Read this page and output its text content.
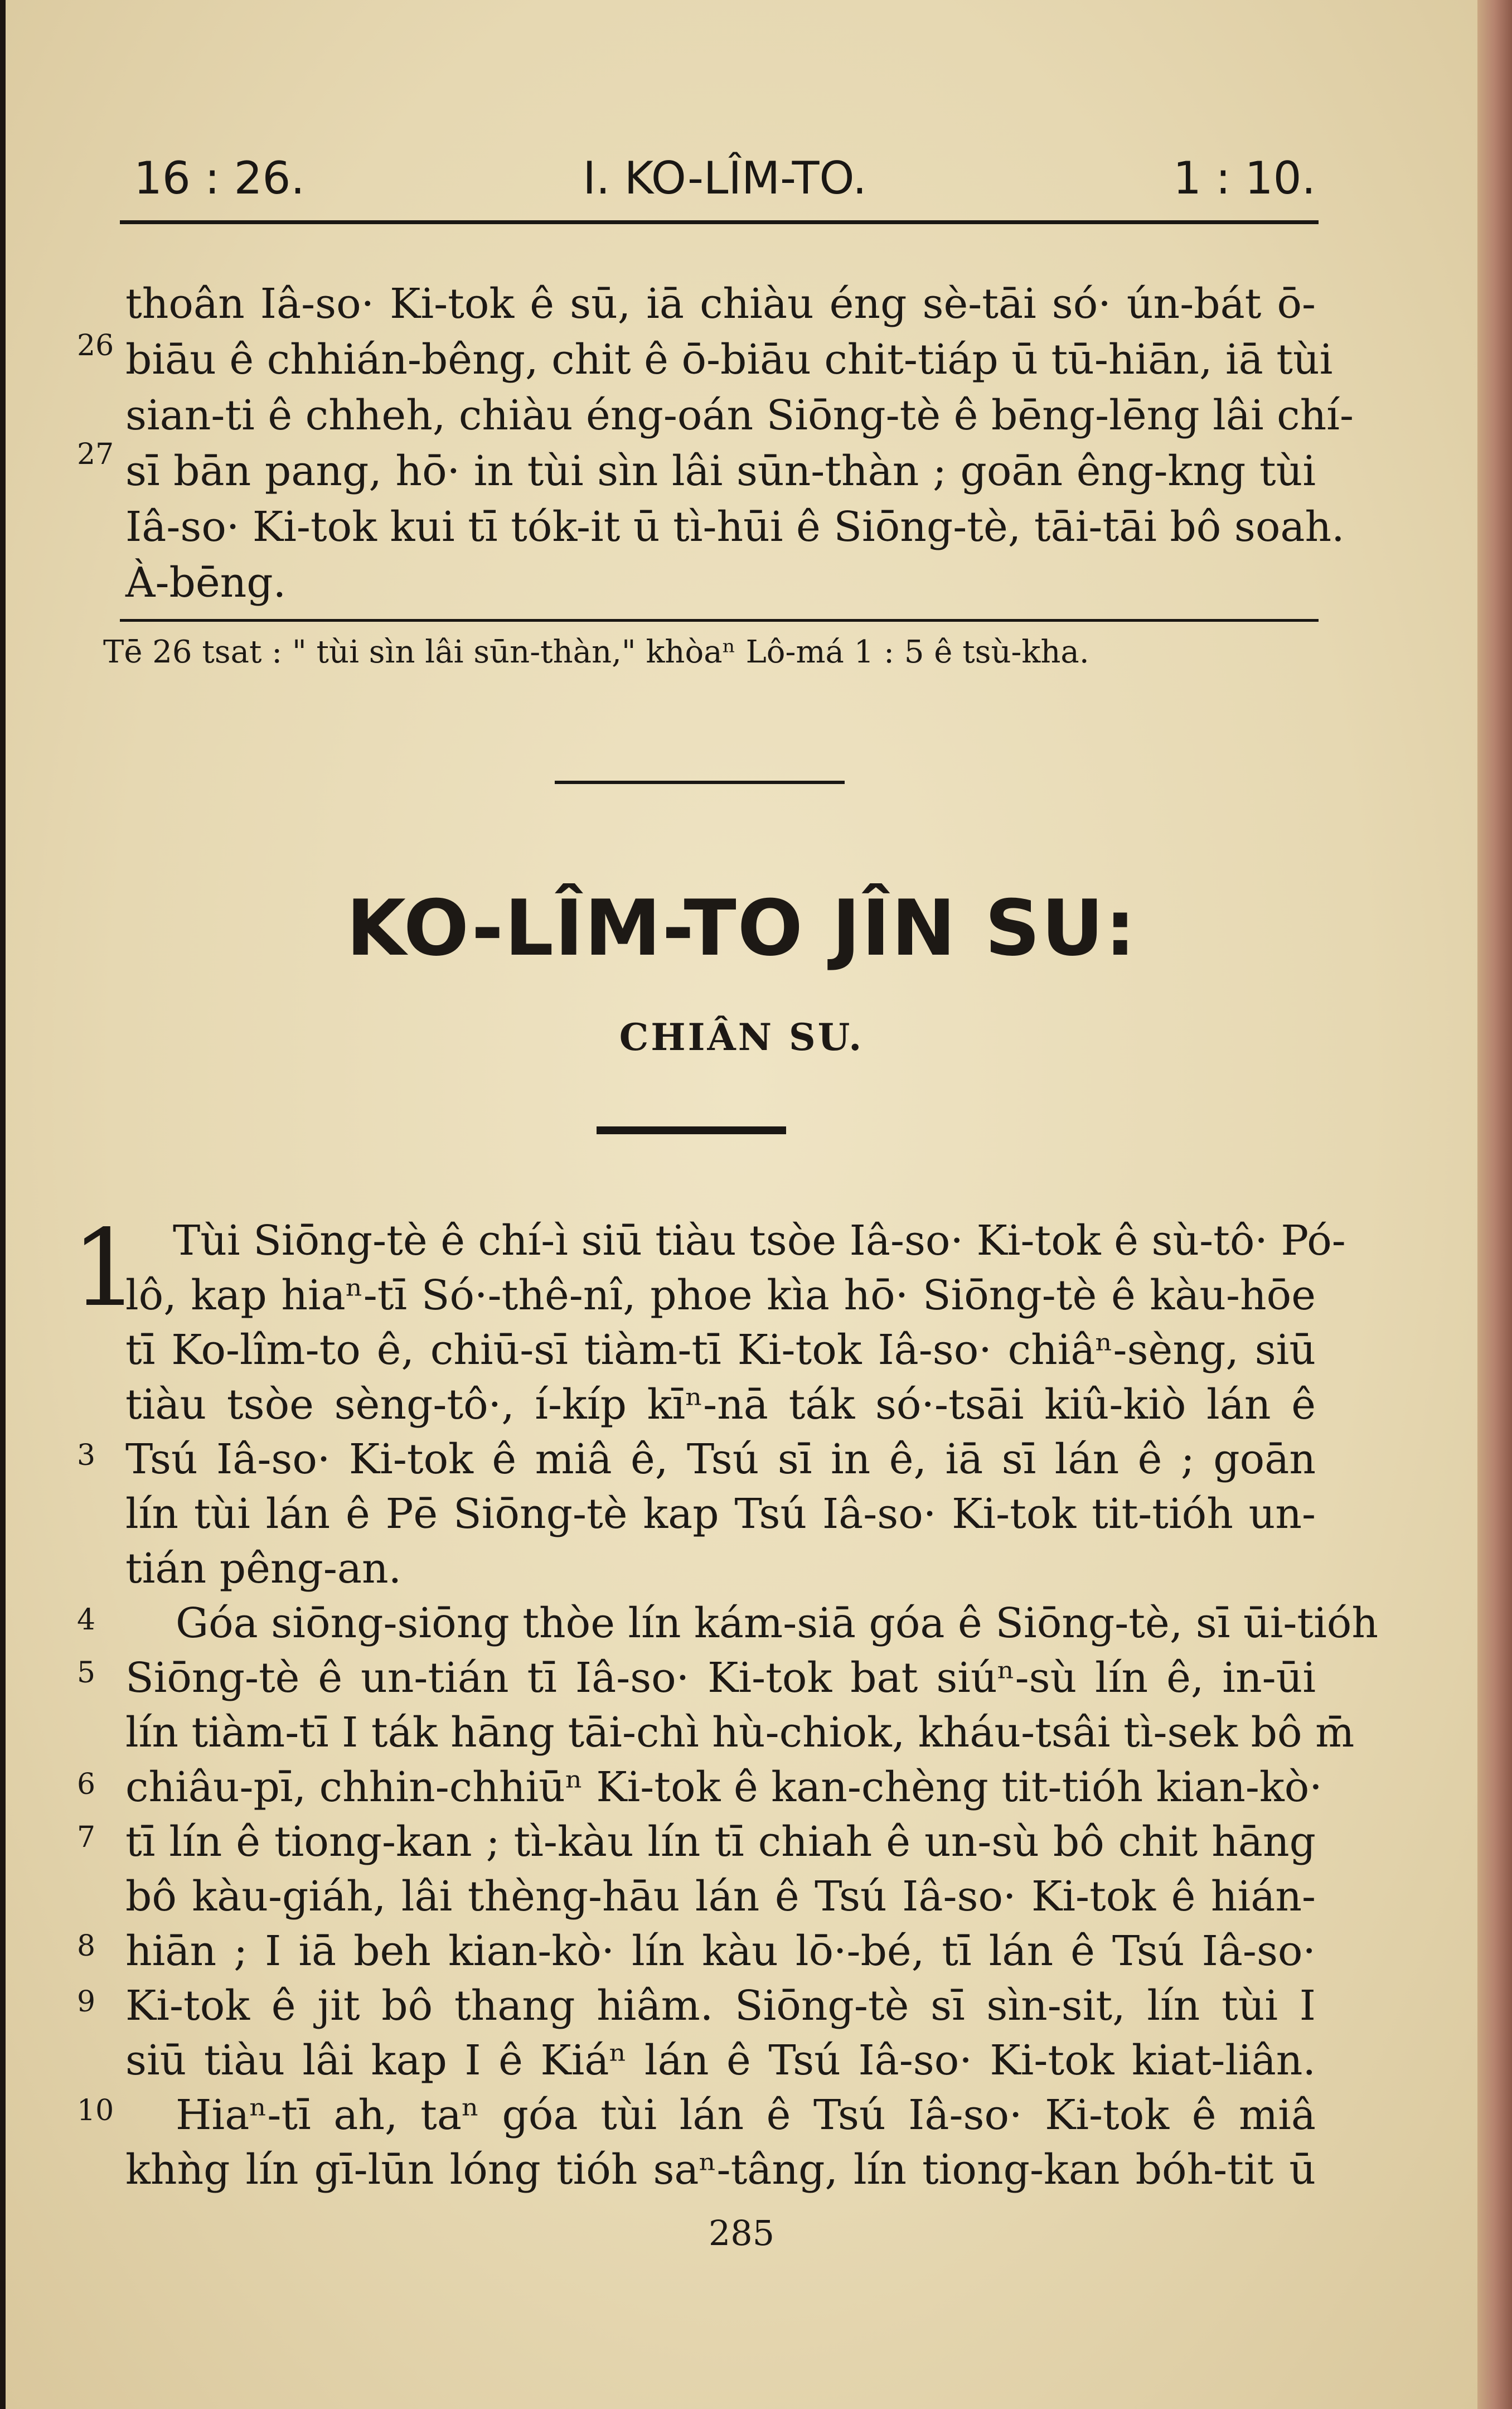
I. KO-LÎM-TO.
16 : 26.	1 : 10.
thoân Iâ-so· Ki-tok ê sū, iā chiàu éng sè-tāi só· ún-bát ō-
biāu ê chhián-bêng, chit ê ō-biāu chit-tiáp ū tū-hiān, iā tùi
sian-ti ê chheh, chiàu éng-oán Siōng-tè ê bēng-lēng lâi chí-
sī bān pang, hō· in tùi sìn lâi sūn-thàn ; goān êng-kng tùi
Iâ-so· Ki-tok kui tī tók-it ū tì-hūi ê Siōng-tè, tāi-tāi bô soah.
À-bēng.
26
27
Tē 26 tsat : " tùi sìn lâi sūn-thàn," khòaⁿ Lô-má 1 : 5 ê tsù-kha.
KO-LÎM-TO JÎN SU:
CHIÂN SU.
1 Tùi Siōng-tè ê chí-ì siū tiàu tsòe Iâ-so· Ki-tok ê sù-tô· Pó-
lô, kap hiaⁿ-tī Só·-thê-nî, phoe kìa hō· Siōng-tè ê kàu-hōe
tī Ko-lîm-to ê, chiū-sī tiàm-tī Ki-tok Iâ-so· chiâⁿ-sèng, siū
tiàu tsòe sèng-tô·, í-kíp kīⁿ-nā ták só·-tsāi kiû-kiò lán ê
Tsú Iâ-so· Ki-tok ê miâ ê, Tsú sī in ê, iā sī lán ê ; goān
lín tùi lán ê Pē Siōng-tè kap Tsú Iâ-so· Ki-tok tit-tióh un-
tián pêng-an.
Góa siōng-siōng thòe lín kám-siā góa ê Siōng-tè, sī ūi-tióh
Siōng-tè ê un-tián tī Iâ-so· Ki-tok bat siúⁿ-sù lín ê, in-ūi
lín tiàm-tī I ták hāng tāi-chì hù-chiok, kháu-tsâi tì-sek bô m̄
chiâu-pī, chhin-chhiūⁿ Ki-tok ê kan-chèng tit-tióh kian-kò·
tī lín ê tiong-kan ; tì-kàu lín tī chiah ê un-sù bô chit hāng
bô kàu-giáh, lâi thèng-hāu lán ê Tsú Iâ-so· Ki-tok ê hián-
hiān ; I iā beh kian-kò· lín kàu lō·-bé, tī lán ê Tsú Iâ-so·
Ki-tok ê jit bô thang hiâm. Siōng-tè sī sìn-sit, lín tùi I
siū tiàu lâi kap I ê Kiáⁿ lán ê Tsú Iâ-so· Ki-tok kiat-liân.
Hiaⁿ-tī ah, taⁿ góa tùi lán ê Tsú Iâ-so· Ki-tok ê miâ
khǹg lín gī-lūn lóng tióh saⁿ-tâng, lín tiong-kan bóh-tit ū
3
4
5
6
7
8
9
10
285
